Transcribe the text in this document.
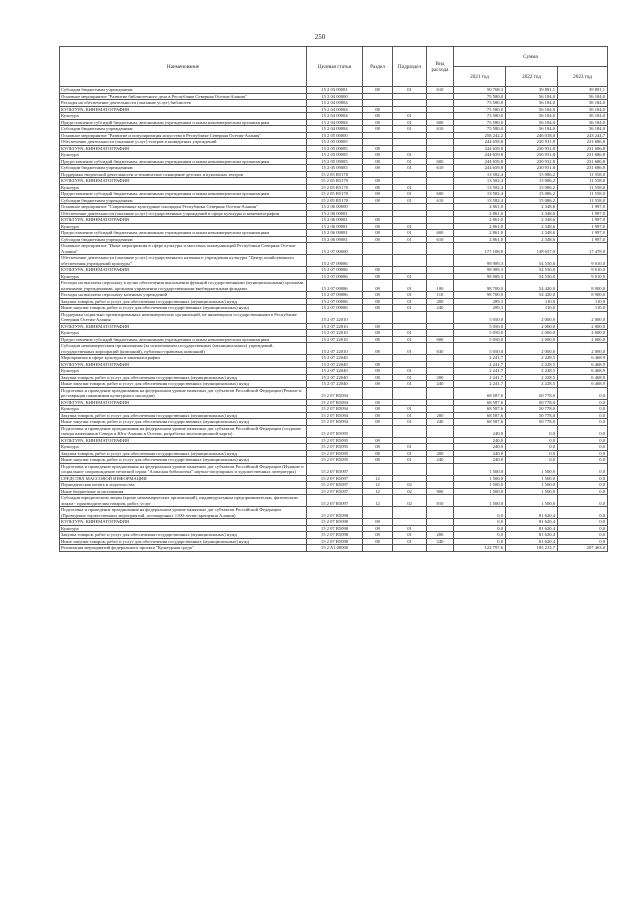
250
Наименование	Целевая статья	Раздел	Подраздел	Вид расхода	Сумма		
					2021 год	2022 год	2023 год
Субсидии бюджетным учреждениям	15 2 03 09081	08	01	610	50 768,3	39 891,1	39 891,1
Основное мероприятие "Развитие библиотечного дела в Республике Северная Осетия-Алания"	15 2 04 00000				75 580,0	56 184,0	56 184,0
Расходы на обеспечение деятельности (оказание услуг) библиотек	15 2 04 09084				75 580,0	56 184,0	56 184,0
КУЛЬТУРА, КИНЕМАТОГРАФИЯ	15 2 04 09084	08			75 580,0	56 184,0	56 184,0
Культура	15 2 04 09084	08	01		75 580,0	56 184,0	56 184,0
Предоставление субсидий бюджетным, автономным учреждениям и иным некоммерческим организациям	15 2 04 09084	08	01	600	75 580,0	56 184,0	56 184,0
Субсидии бюджетным учреждениям	15 2 04 09084	08	01	610	75 580,0	56 184,0	56 184,0
Основное мероприятие "Развитие и популяризация искусства в Республике Северная Осетия-Алания"	15 2 05 00000				258 242,2	246 018,0	243 244,7
Обеспечение деятельности (оказание услуг) театров и концертных учреждений	15 2 05 09085				244 659,8	230 931,8	231 686,8
КУЛЬТУРА, КИНЕМАТОГРАФИЯ	15 2 05 09085	08			244 659,8	230 931,8	231 686,8
Культура	15 2 05 09085	08	01		244 659,8	230 931,8	231 686,8
Предоставление субсидий бюджетным, автономным учреждениям и иным некоммерческим организациям	15 2 05 09085	08	01	600	244 659,8	230 931,8	231 686,8
Субсидии бюджетным учреждениям	15 2 05 09085	08	01	610	244 659,8	230 931,8	231 686,8
Поддержка творческой деятельности и техническое оснащение детских и кукольных театров	15 2 05 R5170				13 582,4	15 086,2	11 558,0
КУЛЬТУРА, КИНЕМАТОГРАФИЯ	15 2 05 R5170	08			13 582,4	15 086,2	11 558,0
Культура	15 2 05 R5170	08	01		13 582,4	15 086,2	11 558,0
Предоставление субсидий бюджетным, автономным учреждениям и иным некоммерческим организациям	15 2 05 R5170	08	01	600	13 582,4	15 086,2	11 558,0
Субсидии бюджетным учреждениям	15 2 05 R5170	08	01	610	13 582,4	15 086,2	11 558,0
Основное мероприятие "Современные культурные площадки Республики Северная Осетия-Алания"	15 2 06 00000				2 861,0	2 348,6	1 997,0
Обеспечение деятельности (оказание услуг) государственных учреждений в сфере культуры и кинематографии	15 2 06 09081				2 861,0	2 348,6	1 997,0
КУЛЬТУРА, КИНЕМАТОГРАФИЯ	15 2 06 09081	08			2 861,0	2 348,6	1 997,0
Культура	15 2 06 09081	08	01		2 861,0	2 348,6	1 997,0
Предоставление субсидий бюджетным, автономным учреждениям и иным некоммерческим организациям	15 2 06 09081	08	01	600	2 861,0	2 348,6	1 997,0
Субсидии бюджетным учреждениям	15 2 06 09081	08	01	610	2 861,0	2 348,6	1 997,0
Основное мероприятие "Иные мероприятия в сфере культуры и массовых коммуникаций Республики Северная Осетия-Алания"	15 2 07 00000				177 108,8	138 657,0	17 478,9
Обеспечение деятельности (оказание услуг) государственного казенного учреждения культуры "Центр хозяйственного обеспечения учреждений культуры"	15 2 07 09086				98 989,3	54 530,0	9 010,0
КУЛЬТУРА, КИНЕМАТОГРАФИЯ	15 2 07 09086	08			98 989,3	54 530,0	9 010,0
Культура	15 2 07 09086	08	01		98 989,3	54 530,0	9 010,0
Расходы на выплаты персоналу в целях обеспечения выполнения функций государственными (муниципальными) органами, казенными учреждениями, органами управления государственными внебюджетными фондами	15 2 07 09086	08	01	100	98 700,0	54 420,0	8 900,0
Расходы на выплаты персоналу казенных учреждений	15 2 07 09086	08	01	110	98 700,0	54 420,0	8 900,0
Закупка товаров, работ и услуг для обеспечения государственных (муниципальных) нужд	15 2 07 09086	08	01	200	289,3	110,0	110,0
Иные закупки товаров, работ и услуг для обеспечения государственных (муниципальных) нужд	15 2 07 09086	08	01	240	289,3	110,0	110,0
Поддержка социально ориентированных некоммерческих организаций, не являющихся государственными в Республике Северная Осетия-Алания	15 2 07 22010				5 050,0	2 000,0	2 000,0
КУЛЬТУРА, КИНЕМАТОГРАФИЯ	15 2 07 22010	08			5 050,0	2 000,0	2 000,0
Культура	15 2 07 22010	08	01		5 050,0	2 000,0	2 000,0
Предоставление субсидий бюджетным, автономным учреждениям и иным некоммерческим организациям	15 2 07 22010	08	01	600	5 050,0	2 000,0	2 000,0
Субсидии некоммерческим организациям (за исключением государственных (муниципальных) учреждений, государственных корпораций (компаний), публично-правовых компаний)	15 2 07 22010	08	01	630	5 050,0	2 000,0	2 000,0
Мероприятия в сфере культуры и кинематографии	15 2 07 22040				2 241,7	2 228,5	6 468,9
КУЛЬТУРА, КИНЕМАТОГРАФИЯ	15 2 07 22040	08			2 241,7	2 228,5	6 468,9
Культура	15 2 07 22040	08	01		2 241,7	2 228,5	6 468,9
Закупка товаров, работ и услуг для обеспечения государственных (муниципальных) нужд	15 2 07 22040	08	01	200	2 241,7	2 228,5	6 468,9
Иные закупки товаров, работ и услуг для обеспечения государственных (муниципальных) нужд	15 2 07 22040	08	01	240	2 241,7	2 228,5	6 468,9
Подготовка и проведение празднования на федеральном уровне памятных дат субъектов Российской Федерации (Ремонт и реставрация памятников культурного наследия)	15 2 07 R5094				68 587,6	50 778,0	0,0
КУЛЬТУРА, КИНЕМАТОГРАФИЯ	15 2 07 R5094	08			68 587,6	50 778,0	0,0
Культура	15 2 07 R5094	08	01		68 587,6	50 778,0	0,0
Закупка товаров, работ и услуг для обеспечения государственных (муниципальных) нужд	15 2 07 R5094	08	01	200	68 587,6	50 778,0	0,0
Иные закупки товаров, работ и услуг для обеспечения государственных (муниципальных) нужд	15 2 07 R5094	08	01	240	68 587,6	50 778,0	0,0
Подготовка и проведение празднования на федеральном уровне памятных дат субъектов Российской Федерации (создание сквера памятников Севера и Юга-Алании в Осетии, разработка экспозиционной карты)	15 2 07 R5095				240,0	0,0	0,0
КУЛЬТУРА, КИНЕМАТОГРАФИЯ	15 2 07 R5095	08			240,0	0,0	0,0
Культура	15 2 07 R5095	08	01		240,0	0,0	0,0
Закупка товаров, работ и услуг для обеспечения государственных (муниципальных) нужд	15 2 07 R5095	08	01	200	240,0	0,0	0,0
Иные закупки товаров, работ и услуг для обеспечения государственных (муниципальных) нужд	15 2 07 R5095	08	01	240	240,0	0,0	0,0
Подготовка и проведение празднования на федеральном уровне памятных дат субъектов Российской Федерации (Издание и социальное сопровождение печатной серии "Аланская библиотека" научно-популярных и художественных литературы)	15 2 07 R5097				1 500,0	1 500,0	0,0
СРЕДСТВА МАССОВОЙ ИНФОРМАЦИИ	15 2 07 R5097	12			1 500,0	1 500,0	0,0
Периодическая печать и издательства	15 2 07 R5097	12	02		1 500,0	1 500,0	0,0
Иные бюджетные ассигнования	15 2 07 R5097	12	02	800	1 500,0	1 500,0	0,0
Субсидии юридическим лицам (кроме некоммерческих организаций), индивидуальным предпринимателям, физическим лицам - производителям товаров, работ, услуг	15 2 07 R5097	12	02	810	1 500,0	1 500,0	0,0
Подготовка и проведение празднования на федеральном уровне памятных дат субъектов Российской Федерации (Проведение торжественных мероприятий, посвященных 1100-летию крещения Алании)	15 2 07 R5098				0,0	81 620,4	0,0
КУЛЬТУРА, КИНЕМАТОГРАФИЯ	15 2 07 R5098	08			0,0	81 620,4	0,0
Культура	15 2 07 R5098	08	01		0,0	81 620,4	0,0
Закупка товаров, работ и услуг для обеспечения государственных (муниципальных) нужд	15 2 07 R5098	08	01	200	0,0	81 620,4	0,0
Иные закупки товаров, работ и услуг для обеспечения государственных (муниципальных) нужд	15 2 07 R5098	08	01	240	0,0	81 620,4	0,0
Реализация мероприятий федерального проекта "Культурная среда"	15 2 A1 00000				122 797,6	185 215,7	207 463,0
